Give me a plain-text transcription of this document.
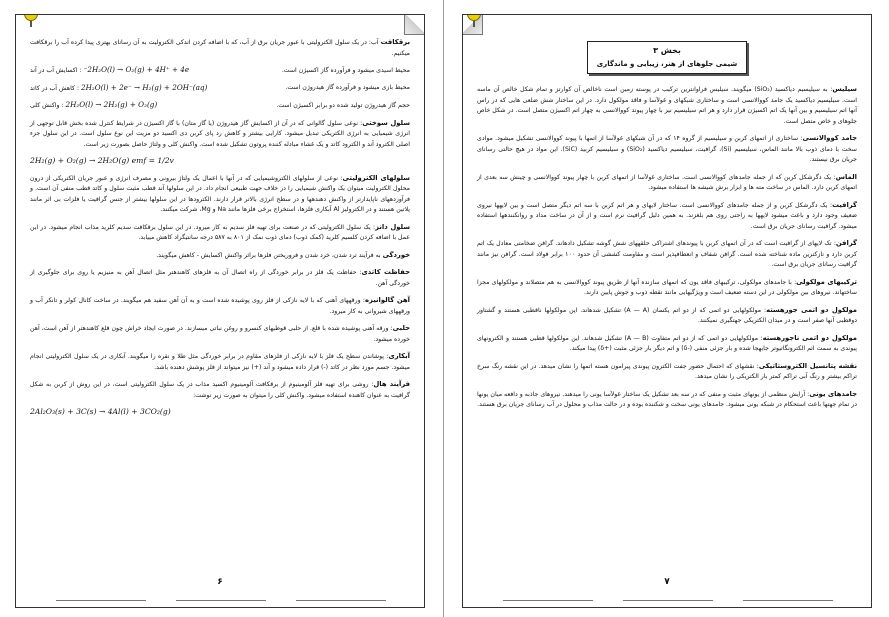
برقکافت آب: در یک سلول الکترولیتی با عبور جریان برق از آب، که با اضافه کردن اندکی الکترولیت به آن رسانای بهتری پیدا کرده آب را برقکافت میکنیم.

محیط اسیدی میشود و فرآورده گاز اکسیژن است.
2H₂O(l) → O₂(g) + 4H⁺ + 4e⁻ : اکسایش آب در آند
محیط بازی میشود و فرآورده گاز هیدروژن است.
2H₂O(l) + 2e⁻ → H₂(g) + 2OH⁻(aq) : کاهش آب در کاتد
حجم گاز هیدروژن تولید شده دو برابر اکسیژن است.
2H₂O(l) → 2H₂(g) + O₂(g) : واکنش کلی

سلول سوختی: نوعی سلول گالوانی که در آن از اکسایش گاز هیدروژن (یا گاز متان) با گاز اکسیژن در شرایط کنترل شده بخش قابل توجهی از انرژی شیمیایی به انرژی الکتریکی تبدیل میشود. کارایی بیشتر و کاهش رد پای کربن دی اکسید دو مزیت این نوع سلول است. در این سلول جزء اصلی الکترود آند و الکترود کاتد و یک غشاء مبادله کننده پروتون تشکیل شده است. واکنش کلی و ولتاژ حاصل بصورت زیر است.

2H₂(g) + O₂(g) → 2H₂O(g) emf = 1/2v

سلولهای الکترولیتی: نوعی از سلولهای الکتروشیمیایی که در آنها با اعمال یک ولتاژ بیرونی و مصرف انرژی و عبور جریان الکتریکی از درون محلول الکترولیت میتوان یک واکنش شیمیایی را در خلاف جهت طبیعی انجام داد. در این سلولها آند قطب مثبت سلول و کاتد قطب منفی آن است. و فرآوردههای ناپایدارتر از واکنش دهندهها و در سطح انرژی بالاتر قرار دارند. الکترودها در این سلولها بیشتر از جنس گرافیت یا فلزات بی اثر مانند پلاتین هستند و در الکترولیز Al آبکاری فلزها، استخراج برخی فلزها مانند Na و Mg، شرکت میکنند.

سلول دانز: یک سلول الکترولیتی که در صنعت برای تهیه فلز سدیم به کار میرود. در این سلول برقکافت سدیم کلرید مذاب انجام میشود. در این عمل با اضافه کردن کلسیم کلرید (کمک ذوب) دمای ذوب نمک از ۸۰۱ به ۵۸۷ درجه سانتیگراد کاهش مییابد.

خوردگی به فرآیند ترد شدن، خرد شدن و فروریختن فلزها براثر واکنش اکسایش - کاهش میگویند.

حفاظت کاتدی: حفاظت یک فلز در برابر خوردگی از راه اتصال آن به فلزهای کاهندهتر مثل اتصال آهن به منیزیم یا روی برای جلوگیری از خوردگی آهن.

آهن گالوانیزه: ورقههای آهنی که با لایه نازکی از فلز روی پوشیده شده است و به آن آهن سفید هم میگویند. در ساخت کانال کولر و تانکر آب و ورقههای شیروانی به کار میرود.

حلبی: ورقه آهنی پوشیده شده با قلع. از حلبی قوطیهای کنسرو و روغن نباتی میسازند. در صورت ایجاد خراش چون قلع کاهندهتر از آهن است، آهن خورده میشود.

آبکاری: پوشاندن سطح یک فلز با لایه نازکی از فلزهای مقاوم در برابر خوردگی مثل طلا و نقره را میگویند. آبکاری در یک سلول الکترولیتی انجام میشود. جسم مورد نظر در کاتد (-) قرار داده میشود و آند (+) نیز میتواند از فلز پوشش دهنده باشد.

فرآیند هال: روشی برای تهیه فلز آلومینیوم از برقکافت آلومینیوم اکسید مذاب در یک سلول الکترولیتی است، در این روش از کربن به شکل گرافیت به عنوان کاهنده استفاده میشود. واکنش کلی را میتوان به صورت زیر نوشت:

2Al₂O₃(s) + 3C(s) → 4Al(l) + 3CO₂(g)
۶
بخش ۳
شیمی جلوهای از هنر، زیبایی و ماندگاری

سیلیس: به سیلیسیم دیاکسید (SiO₂) میگویند. سیلیس فراوانترین ترکیب در پوسته زمین است ناخالص آن کوارتز و تمام شکل خالص آن ماسه است. سیلیسیم دیاکسید یک جامد کووالانسی است و ساختاری شبکهای و غولآسا و فاقد مولکول دارد. در این ساختار شش ضلعی هایی که در راس آنها اتم سیلیسیم و بین آنها یک اتم اکسیژن قرار دارد و هر اتم سیلیسیم نیز با چهار پیوند کووالانسی به چهار اتم اکسیژن متصل است. در شکل خاص جلوهای و خاص متصل است.

جامد کووالانسی: ساختاری از اتمهای کربن و سیلیسیم از گروه ۱۴ که در آن شبکهای غولآسا از اتمها با پیوند کووالانسی تشکیل میشود. موادی سخت با دمای ذوب بالا مانند الماس، سیلیسیم (Si)، گرافیت، سیلیسیم دیاکسید (SiO₂) و سیلیسیم کربید (SiC). این مواد در هیچ حالتی رسانای جریان برق نیستند.

الماس: یک دگرشکل کربن که از جمله جامدهای کووالانسی است. ساختاری غولآسا از اتمهای کربن با چهار پیوند کووالانسی و چینش سه بعدی از اتمهای کربن دارد. الماس در ساخت مته ها و ابزار برش شیشه ها استفاده میشود.

گرافیت: یک دگرشکل کربن و از جمله جامدهای کووالانسی است. ساختار لایهای و هر اتم کربن با سه اتم دیگر متصل است و بین لایهها نیروی ضعیف وجود دارد و باعث میشود لایهها به راحتی روی هم بلغزند. به همین دلیل گرافیت نرم است و از آن در ساخت مداد و روانکنندهها استفاده میشود. گرافیت رسانای جریان برق است.

گرافن: تک لایهای از گرافیت است که در آن اتمهای کربن با پیوندهای اشتراکی حلقههای شش گوشه تشکیل دادهاند. گرافن ضخامتی معادل یک اتم کربن دارد و نازکترین ماده شناخته شده است. گرافن شفاف و انعطافپذیر است و مقاومت کششی آن حدود ۱۰۰ برابر فولاد است. گرافن نیز مانند گرافیت رسانای جریان برق است.

ترکیبهای مولکولی: با جامدهای مولکولی، ترکیبهای فاقد یون که اتمهای سازنده آنها از طریق پیوند کووالانسی به هم متصلاند و مولکولهای مجزا ساختهاند. نیروهای بین مولکولی در این دسته ضعیف است و ویژگیهایی مانند نقطه ذوب و جوش پایین دارند.

مولکول دو اتمی جورهسته: مولکولهایی دو اتمی که از دو اتم یکسان (A — A) تشکیل شدهاند. این مولکولها ناقطبی هستند و گشتاور دوقطبی آنها صفر است و در میدان الکتریکی جهتگیری نمیکنند.

مولکول دو اتمی ناجورهسته: مولکولهایی دو اتمی که از دو اتم متفاوت (A — B) تشکیل شدهاند. این مولکولها قطبی هستند و الکترونهای پیوندی به سمت اتم الکترونگاتیوتر جابهجا شده و بار جزئی منفی (-δ) و اتم دیگر بار جزئی مثبت (+δ) پیدا میکند.

نقشه پتانسیل الکتروستاتیکی: نقشهای که احتمال حضور جفت الکترون پیوندی پیرامون هسته اتمها را نشان میدهد. در این نقشه رنگ سرخ تراکم بیشتر و رنگ آبی تراکم کمتر بار الکتریکی را نشان میدهد.

جامدهای یونی: آرایش منظمی از یونهای مثبت و منفی که در سه بعد تشکیل یک ساختار غولآسا یونی را میدهند. نیروهای جاذبه و دافعه میان یونها در تمام جهتها باعث استحکام در شبکه یونی میشود. جامدهای یونی سخت و شکننده بوده و در حالت مذاب و محلول در آب رسانای جریان برق هستند.

۷
